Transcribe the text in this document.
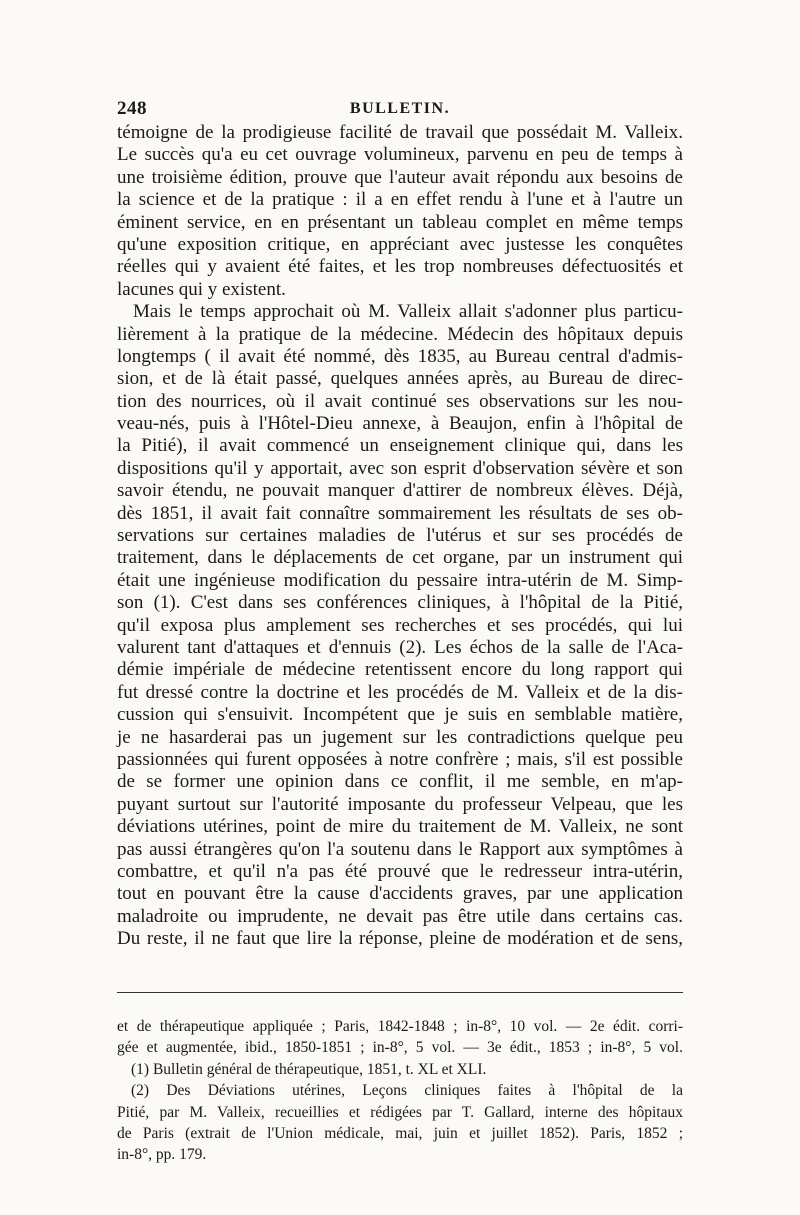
248	BULLETIN.
témoigne de la prodigieuse facilité de travail que possédait M. Valleix.
Le succès qu'a eu cet ouvrage volumineux, parvenu en peu de temps à
une troisième édition, prouve que l'auteur avait répondu aux besoins de
la science et de la pratique : il a en effet rendu à l'une et à l'autre un
éminent service, en en présentant un tableau complet en même temps
qu'une exposition critique, en appréciant avec justesse les conquêtes
réelles qui y avaient été faites, et les trop nombreuses défectuosités et
lacunes qui y existent.
Mais le temps approchait où M. Valleix allait s'adonner plus particu-
lièrement à la pratique de la médecine. Médecin des hôpitaux depuis
longtemps ( il avait été nommé, dès 1835, au Bureau central d'admis-
sion, et de là était passé, quelques années après, au Bureau de direc-
tion des nourrices, où il avait continué ses observations sur les nou-
veau-nés, puis à l'Hôtel-Dieu annexe, à Beaujon, enfin à l'hôpital de
la Pitié), il avait commencé un enseignement clinique qui, dans les
dispositions qu'il y apportait, avec son esprit d'observation sévère et son
savoir étendu, ne pouvait manquer d'attirer de nombreux élèves. Déjà,
dès 1851, il avait fait connaître sommairement les résultats de ses ob-
servations sur certaines maladies de l'utérus et sur ses procédés de
traitement, dans le déplacements de cet organe, par un instrument qui
était une ingénieuse modification du pessaire intra-utérin de M. Simp-
son (1). C'est dans ses conférences cliniques, à l'hôpital de la Pitié,
qu'il exposa plus amplement ses recherches et ses procédés, qui lui
valurent tant d'attaques et d'ennuis (2). Les échos de la salle de l'Aca-
démie impériale de médecine retentissent encore du long rapport qui
fut dressé contre la doctrine et les procédés de M. Valleix et de la dis-
cussion qui s'ensuivit. Incompétent que je suis en semblable matière,
je ne hasarderai pas un jugement sur les contradictions quelque peu
passionnées qui furent opposées à notre confrère ; mais, s'il est possible
de se former une opinion dans ce conflit, il me semble, en m'ap-
puyant surtout sur l'autorité imposante du professeur Velpeau, que les
déviations utérines, point de mire du traitement de M. Valleix, ne sont
pas aussi étrangères qu'on l'a soutenu dans le Rapport aux symptômes à
combattre, et qu'il n'a pas été prouvé que le redresseur intra-utérin,
tout en pouvant être la cause d'accidents graves, par une application
maladroite ou imprudente, ne devait pas être utile dans certains cas.
Du reste, il ne faut que lire la réponse, pleine de modération et de sens,
et de thérapeutique appliquée ; Paris, 1842-1848 ; in-8°, 10 vol. — 2e édit. corri-
gée et augmentée, ibid., 1850-1851 ; in-8°, 5 vol. — 3e édit., 1853 ; in-8°, 5 vol.
(1) Bulletin général de thérapeutique, 1851, t. XL et XLI.
(2) Des Déviations utérines, Leçons cliniques faites à l'hôpital de la
Pitié, par M. Valleix, recueillies et rédigées par T. Gallard, interne des hôpitaux
de Paris (extrait de l'Union médicale, mai, juin et juillet 1852). Paris, 1852 ;
in-8°, pp. 179.
